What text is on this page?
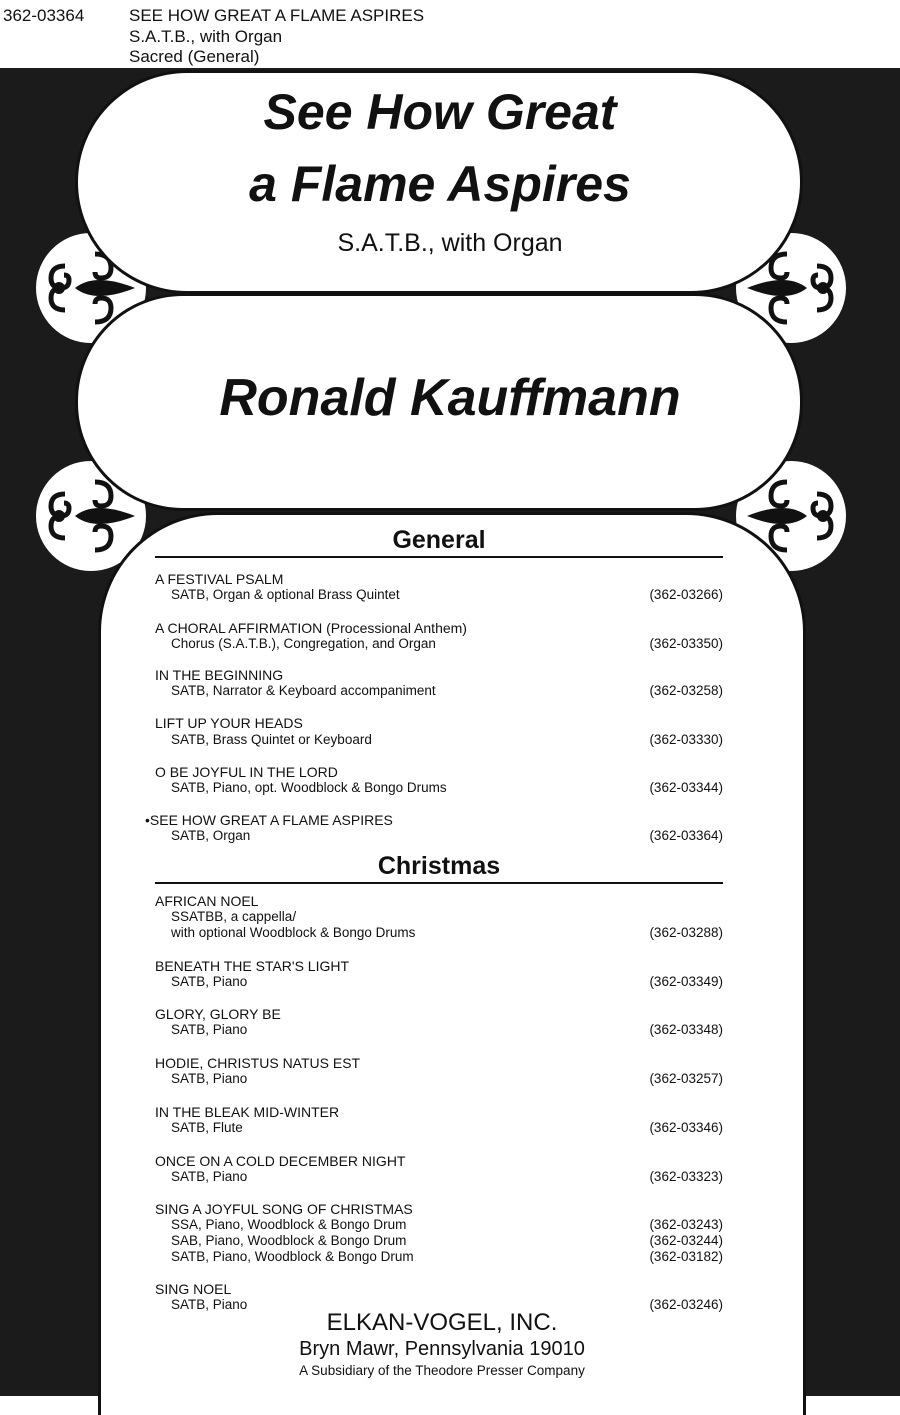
362-03364	SEE HOW GREAT A FLAME ASPIRES
S.A.T.B., with Organ
Sacred (General)
See How Great
a Flame Aspires
S.A.T.B., with Organ
Ronald Kauffmann
General
Christmas
A FESTIVAL PSALM
SATB, Organ & optional Brass Quintet	(362-03266)
A CHORAL AFFIRMATION (Processional Anthem)
Chorus (S.A.T.B.), Congregation, and Organ	(362-03350)
IN THE BEGINNING
SATB, Narrator & Keyboard accompaniment	(362-03258)
LIFT UP YOUR HEADS
SATB, Brass Quintet or Keyboard	(362-03330)
O BE JOYFUL IN THE LORD
SATB, Piano, opt. Woodblock & Bongo Drums	(362-03344)
•SEE HOW GREAT A FLAME ASPIRES
SATB, Organ	(362-03364)
AFRICAN NOEL
SSATBB, a cappella/
with optional Woodblock & Bongo Drums	(362-03288)
BENEATH THE STAR'S LIGHT
SATB, Piano	(362-03349)
GLORY, GLORY BE
SATB, Piano	(362-03348)
HODIE, CHRISTUS NATUS EST
SATB, Piano	(362-03257)
IN THE BLEAK MID-WINTER
SATB, Flute	(362-03346)
ONCE ON A COLD DECEMBER NIGHT
SATB, Piano	(362-03323)
SING A JOYFUL SONG OF CHRISTMAS
SSA, Piano, Woodblock & Bongo Drum	(362-03243)
SAB, Piano, Woodblock & Bongo Drum	(362-03244)
SATB, Piano, Woodblock & Bongo Drum	(362-03182)
SING NOEL
SATB, Piano	(362-03246)
ELKAN-VOGEL, INC.
Bryn Mawr, Pennsylvania 19010
A Subsidiary of the Theodore Presser Company
